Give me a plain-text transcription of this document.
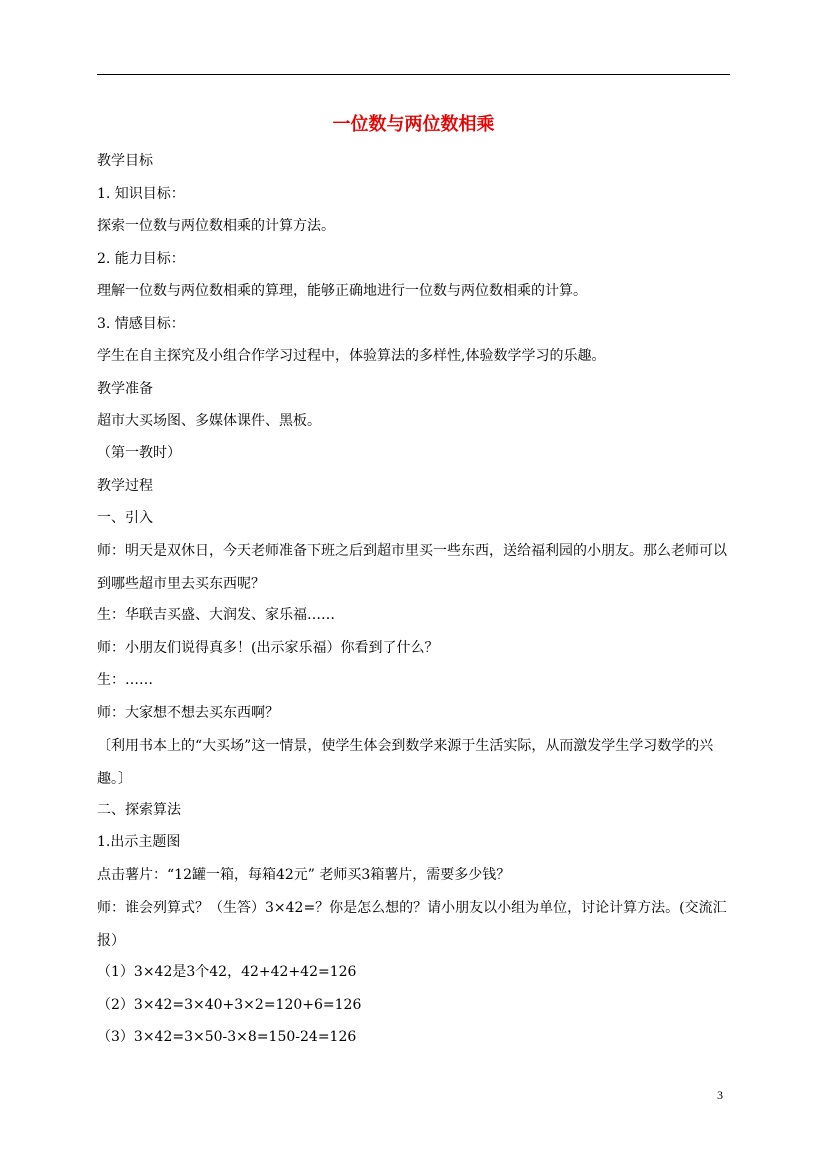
一位数与两位数相乘

教学目标

1. 知识目标：

探索一位数与两位数相乘的计算方法。

2. 能力目标：

理解一位数与两位数相乘的算理，能够正确地进行一位数与两位数相乘的计算。

3. 情感目标：

学生在自主探究及小组合作学习过程中，体验算法的多样性,体验数学学习的乐趣。

教学准备

超市大买场图、多媒体课件、黑板。

（第一教时）

教学过程

一、引入

师：明天是双休日，今天老师准备下班之后到超市里买一些东西，送给福利园的小朋友。那么老师可以到哪些超市里去买东西呢？

生：华联吉买盛、大润发、家乐福……

师：小朋友们说得真多！(出示家乐福）你看到了什么？

生：……

师：大家想不想去买东西啊？

〔利用书本上的“大买场”这一情景，使学生体会到数学来源于生活实际，从而激发学生学习数学的兴趣。〕

二、探索算法

1.出示主题图

点击薯片：“12罐一箱，每箱42元” 老师买3箱薯片，需要多少钱？

师：谁会列算式？（生答）3×42=？你是怎么想的？请小朋友以小组为单位，讨论计算方法。(交流汇报）

（1）3×42是3个42，42+42+42=126

（2）3×42=3×40+3×2=120+6=126

（3）3×42=3×50-3×8=150-24=126

3
